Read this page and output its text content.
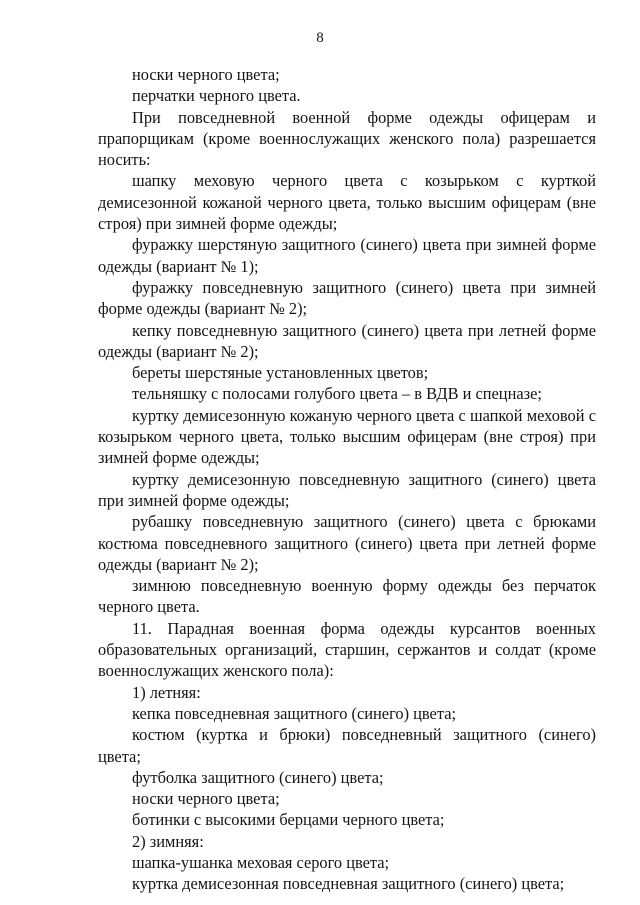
8

носки черного цвета;

перчатки черного цвета.

При повседневной военной форме одежды офицерам и прапорщикам (кроме военнослужащих женского пола) разрешается носить:

шапку меховую черного цвета с козырьком с курткой демисезонной кожаной черного цвета, только высшим офицерам (вне строя) при зимней форме одежды;

фуражку шерстяную защитного (синего) цвета при зимней форме одежды (вариант № 1);

фуражку повседневную защитного (синего) цвета при зимней форме одежды (вариант № 2);

кепку повседневную защитного (синего) цвета при летней форме одежды (вариант № 2);

береты шерстяные установленных цветов;

тельняшку с полосами голубого цвета – в ВДВ и спецназе;

куртку демисезонную кожаную черного цвета с шапкой меховой с козырьком черного цвета, только высшим офицерам (вне строя) при зимней форме одежды;

куртку демисезонную повседневную защитного (синего) цвета при зимней форме одежды;

рубашку повседневную защитного (синего) цвета с брюками костюма повседневного защитного (синего) цвета при летней форме одежды (вариант № 2);

зимнюю повседневную военную форму одежды без перчаток черного цвета.

11. Парадная военная форма одежды курсантов военных образовательных организаций, старшин, сержантов и солдат (кроме военнослужащих женского пола):

1) летняя:

кепка повседневная защитного (синего) цвета;

костюм (куртка и брюки) повседневный защитного (синего) цвета;

футболка защитного (синего) цвета;

носки черного цвета;

ботинки с высокими берцами черного цвета;

2) зимняя:

шапка-ушанка меховая серого цвета;

куртка демисезонная повседневная защитного (синего) цвета;
